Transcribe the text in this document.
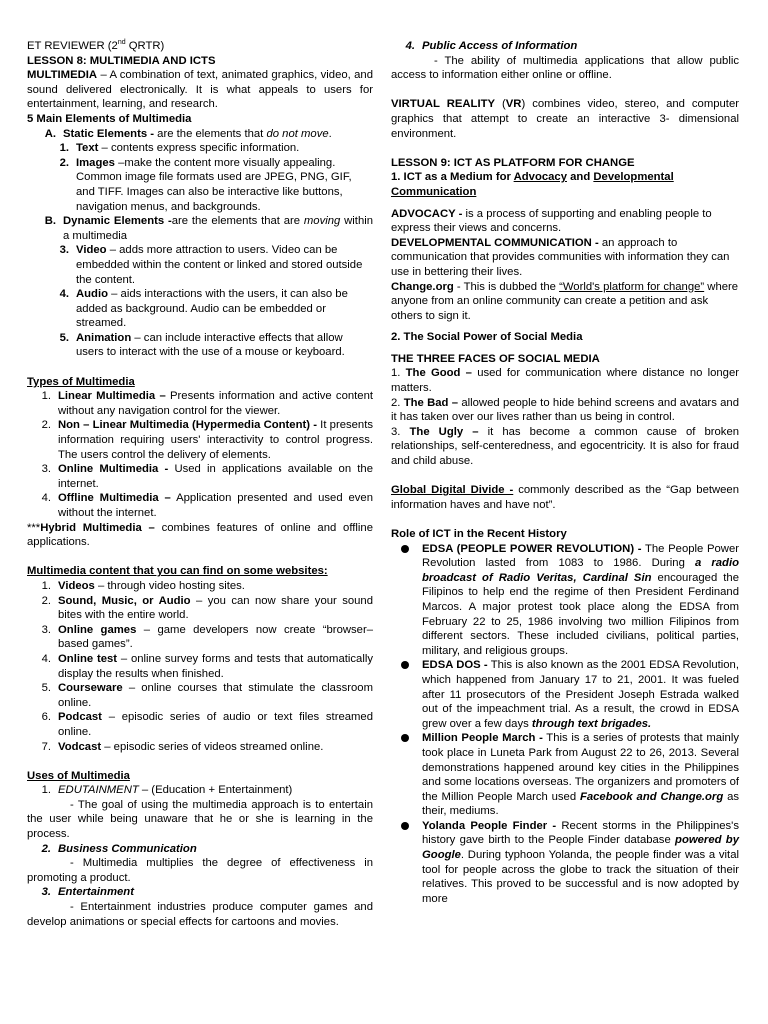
ET REVIEWER (2nd QRTR)

LESSON 8: MULTIMEDIA AND ICTS

MULTIMEDIA – A combination of text, animated graphics, video, and sound delivered electronically. It is what appeals to users for entertainment, learning, and research.

5 Main Elements of Multimedia

A. Static Elements - are the elements that do not move.
1. Text – contents express specific information.
2. Images –make the content more visually appealing. Common image file formats used are JPEG, PNG, GIF, and TIFF. Images can also be interactive like buttons, navigation menus, and backgrounds.
B. Dynamic Elements -are the elements that are moving within a multimedia
3. Video – adds more attraction to users. Video can be embedded within the content or linked and stored outside the content.
4. Audio – aids interactions with the users, it can also be added as background. Audio can be embedded or streamed.
5. Animation – can include interactive effects that allow users to interact with the use of a mouse or keyboard.

Types of Multimedia

1. Linear Multimedia – Presents information and active content without any navigation control for the viewer.
2. Non – Linear Multimedia (Hypermedia Content) - It presents information requiring users' interactivity to control progress. The users control the delivery of elements.
3. Online Multimedia - Used in applications available on the internet.
4. Offline Multimedia – Application presented and used even without the internet.

***Hybrid Multimedia – combines features of online and offline applications.

Multimedia content that you can find on some websites:

1. Videos – through video hosting sites.
2. Sound, Music, or Audio – you can now share your sound bites with the entire world.
3. Online games – game developers now create “browser–based games”.
4. Online test – online survey forms and tests that automatically display the results when finished.
5. Courseware – online courses that stimulate the classroom online.
6. Podcast – episodic series of audio or text files streamed online.
7. Vodcast – episodic series of videos streamed online.

Uses of Multimedia

1. EDUTAINMENT – (Education + Entertainment)

- The goal of using the multimedia approach is to entertain the user while being unaware that he or she is learning in the process.

2. Business Communication

- Multimedia multiplies the degree of effectiveness in promoting a product.

3. Entertainment

- Entertainment industries produce computer games and develop animations or special effects for cartoons and movies.

4. Public Access of Information

- The ability of multimedia applications that allow public access to information either online or offline.

VIRTUAL REALITY (VR) combines video, stereo, and computer graphics that attempt to create an interactive 3- dimensional environment.

LESSON 9: ICT AS PLATFORM FOR CHANGE

1. ICT as a Medium for Advocacy and Developmental Communication

ADVOCACY - is a process of supporting and enabling people to express their views and concerns.

DEVELOPMENTAL COMMUNICATION - an approach to communication that provides communities with information they can use in bettering their lives.

Change.org - This is dubbed the “World's platform for change” where anyone from an online community can create a petition and ask others to sign it.

2. The Social Power of Social Media

THE THREE FACES OF SOCIAL MEDIA

1. The Good – used for communication where distance no longer matters.

2. The Bad – allowed people to hide behind screens and avatars and it has taken over our lives rather than us being in control.

3. The Ugly – it has become a common cause of broken relationships, self-centeredness, and egocentricity. It is also for fraud and child abuse.

Global Digital Divide - commonly described as the “Gap between information haves and have not”.

Role of ICT in the Recent History

EDSA (PEOPLE POWER REVOLUTION) - The People Power Revolution lasted from 1083 to 1986. During a radio broadcast of Radio Veritas, Cardinal Sin encouraged the Filipinos to help end the regime of then President Ferdinand Marcos. A major protest took place along the EDSA from February 22 to 25, 1986 involving two million Filipinos from different sectors. These included civilians, political parties, military, and religious groups.
EDSA DOS - This is also known as the 2001 EDSA Revolution, which happened from January 17 to 21, 2001. It was fueled after 11 prosecutors of the President Joseph Estrada walked out of the impeachment trial. As a result, the crowd in EDSA grew over a few days through text brigades.
Million People March - This is a series of protests that mainly took place in Luneta Park from August 22 to 26, 2013. Several demonstrations happened around key cities in the Philippines and some locations overseas. The organizers and promoters of the Million People March used Facebook and Change.org as their, mediums.
Yolanda People Finder - Recent storms in the Philippines's history gave birth to the People Finder database powered by Google. During typhoon Yolanda, the people finder was a vital tool for people across the globe to track the situation of their relatives. This proved to be successful and is now adopted by more
